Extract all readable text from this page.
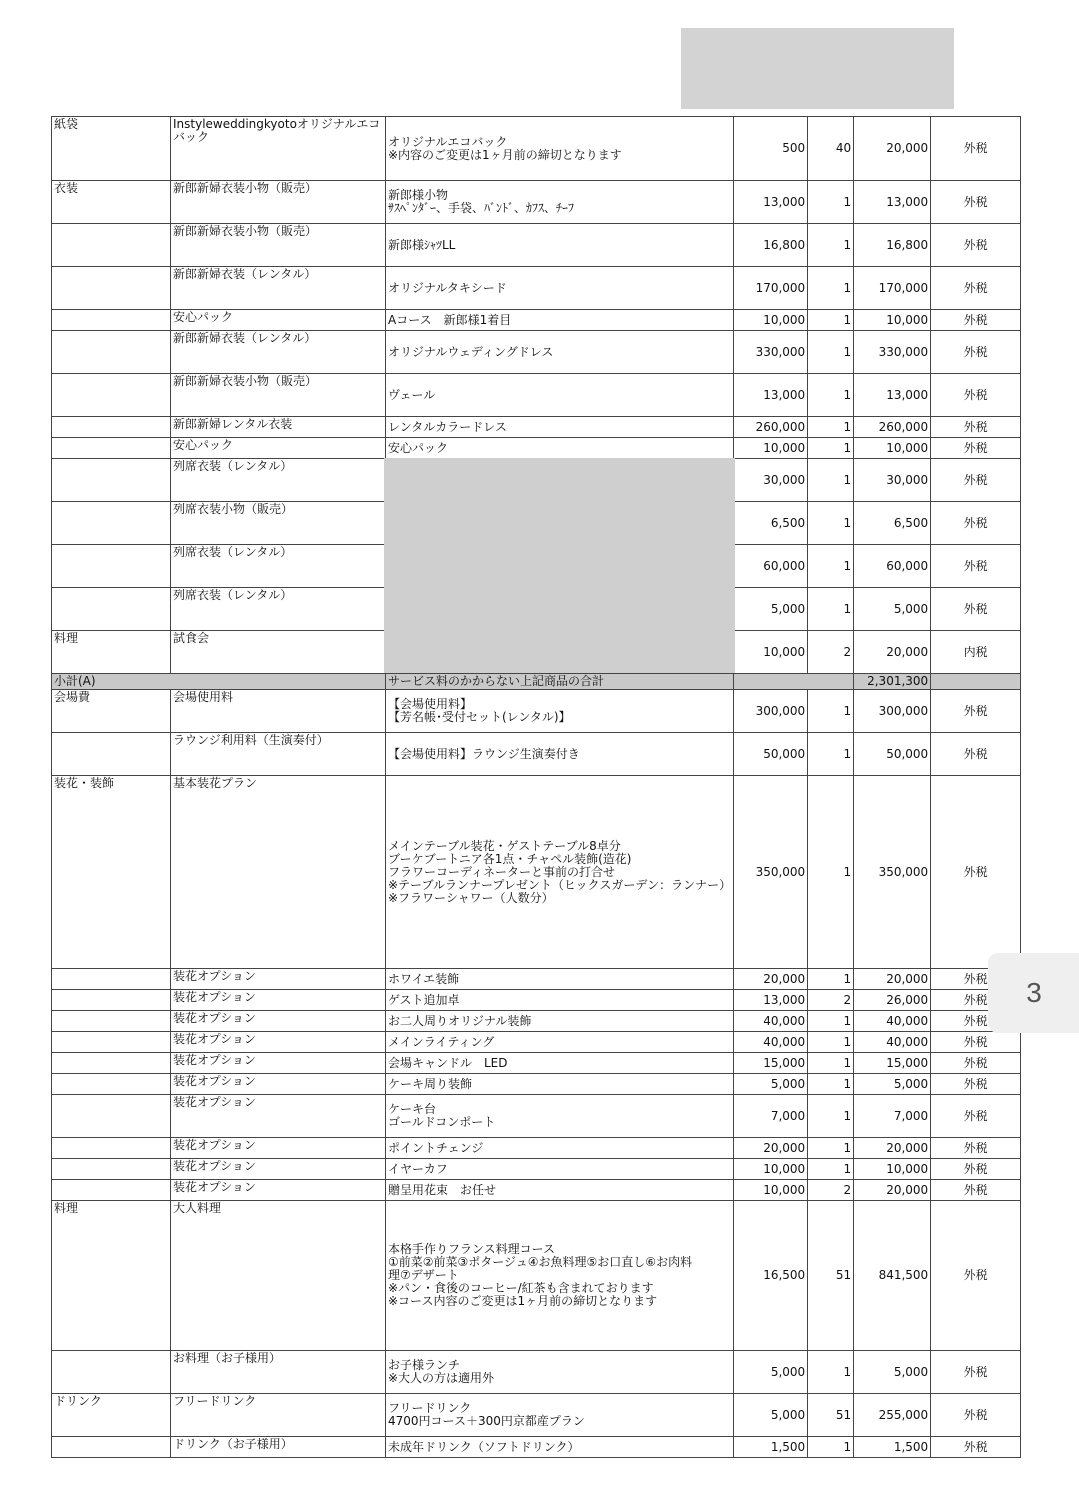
3
紙袋	Instyleweddingkyotoオリジナルエコバック	オリジナルエコバック
※内容のご変更は1ヶ月前の締切となります	500	40	20,000	外税
衣装	新郎新婦衣装小物（販売）	新郎様小物
ｻｽﾍﾟﾝﾀﾞｰ、手袋、ﾊﾞﾝﾄﾞ、ｶﾌｽ、ﾁｰﾌ	13,000	1	13,000	外税
	新郎新婦衣装小物（販売）	新郎様ｼｬﾂLL	16,800	1	16,800	外税
	新郎新婦衣装（レンタル）	オリジナルタキシード	170,000	1	170,000	外税
	安心パック	Aコース　新郎様1着目	10,000	1	10,000	外税
	新郎新婦衣装（レンタル）	オリジナルウェディングドレス	330,000	1	330,000	外税
	新郎新婦衣装小物（販売）	ヴェール	13,000	1	13,000	外税
	新郎新婦レンタル衣装	レンタルカラードレス	260,000	1	260,000	外税
	安心パック	安心パック	10,000	1	10,000	外税
	列席衣装（レンタル）		30,000	1	30,000	外税
	列席衣装小物（販売）		6,500	1	6,500	外税
	列席衣装（レンタル）		60,000	1	60,000	外税
	列席衣装（レンタル）		5,000	1	5,000	外税
料理	試食会		10,000	2	20,000	内税
小計(A)		サービス料のかからない上記商品の合計			2,301,300	
会場費	会場使用料	【会場使用料】
【芳名帳･受付セット(レンタル)】	300,000	1	300,000	外税
	ラウンジ利用料（生演奏付）	【会場使用料】ラウンジ生演奏付き	50,000	1	50,000	外税
装花・装飾	基本装花プラン	メインテーブル装花・ゲストテーブル8卓分
ブーケブートニア各1点・チャペル装飾(造花)
フラワーコーディネーターと事前の打合せ
※テーブルランナープレゼント（ヒックスガーデン：ランナー）
※フラワーシャワー（人数分）	350,000	1	350,000	外税
	装花オプション	ホワイエ装飾	20,000	1	20,000	外税
	装花オプション	ゲスト追加卓	13,000	2	26,000	外税
	装花オプション	お二人周りオリジナル装飾	40,000	1	40,000	外税
	装花オプション	メインライティング	40,000	1	40,000	外税
	装花オプション	会場キャンドル　LED	15,000	1	15,000	外税
	装花オプション	ケーキ周り装飾	5,000	1	5,000	外税
	装花オプション	ケーキ台
ゴールドコンポート	7,000	1	7,000	外税
	装花オプション	ポイントチェンジ	20,000	1	20,000	外税
	装花オプション	イヤーカフ	10,000	1	10,000	外税
	装花オプション	贈呈用花束　お任せ	10,000	2	20,000	外税
料理	大人料理	本格手作りフランス料理コース
①前菜②前菜③ポタージュ④お魚料理⑤お口直し⑥お肉料
理⑦デザート
※パン・食後のコーヒー/紅茶も含まれております
※コース内容のご変更は1ヶ月前の締切となります	16,500	51	841,500	外税
	お料理（お子様用）	お子様ランチ
※大人の方は適用外	5,000	1	5,000	外税
ドリンク	フリードリンク	フリードリンク
4700円コース＋300円京都産プラン	5,000	51	255,000	外税
	ドリンク（お子様用）	未成年ドリンク（ソフトドリンク）	1,500	1	1,500	外税
